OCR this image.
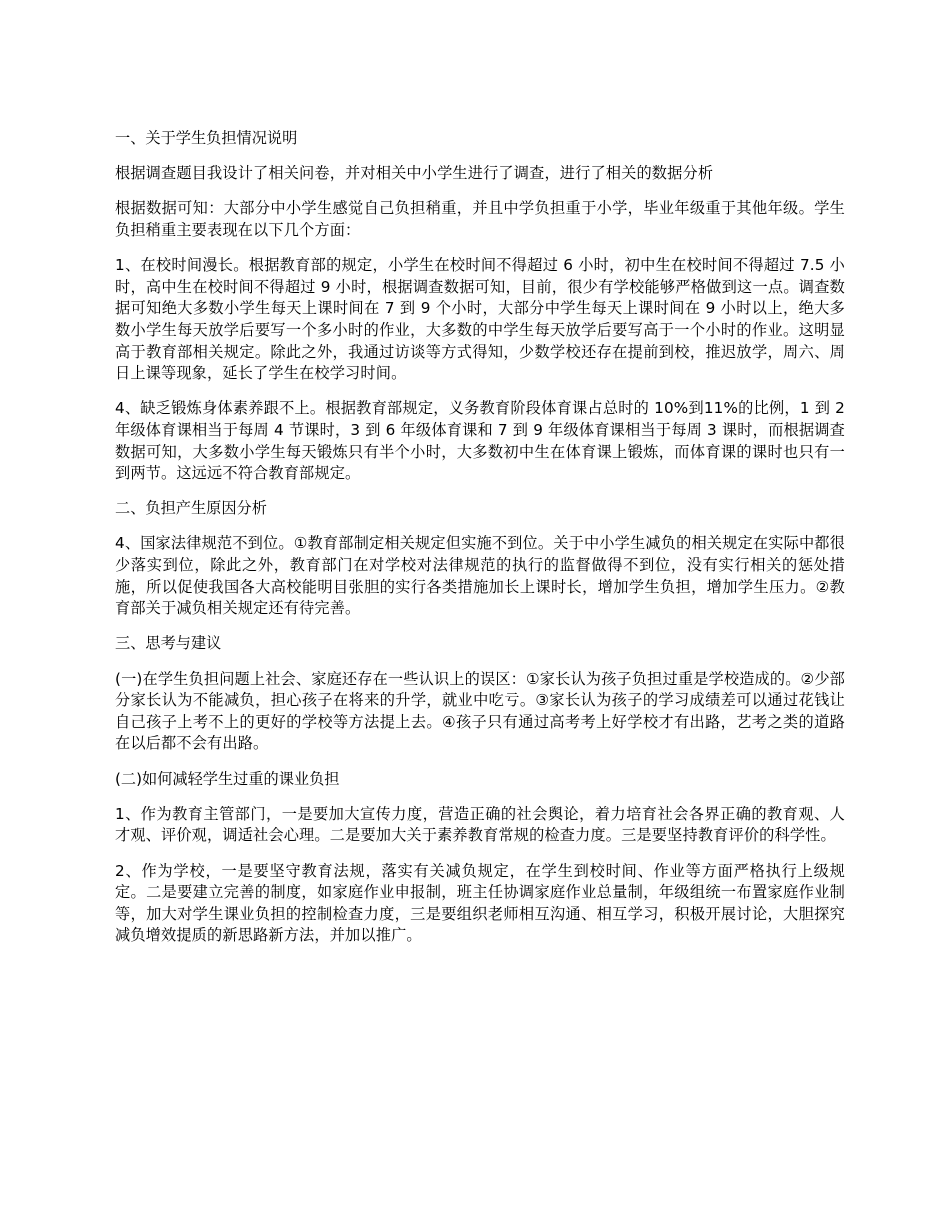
一、关于学生负担情况说明

根据调查题目我设计了相关问卷，并对相关中小学生进行了调查，进行了相关的数据分析

根据数据可知：大部分中小学生感觉自己负担稍重，并且中学负担重于小学，毕业年级重于其他年级。学生负担稍重主要表现在以下几个方面：

1、在校时间漫长。根据教育部的规定，小学生在校时间不得超过 6 小时，初中生在校时间不得超过 7.5 小时，高中生在校时间不得超过 9 小时，根据调查数据可知，目前，很少有学校能够严格做到这一点。调查数据可知绝大多数小学生每天上课时间在 7 到 9 个小时，大部分中学生每天上课时间在 9 小时以上，绝大多数小学生每天放学后要写一个多小时的作业，大多数的中学生每天放学后要写高于一个小时的作业。这明显高于教育部相关规定。除此之外，我通过访谈等方式得知，少数学校还存在提前到校，推迟放学，周六、周日上课等现象，延长了学生在校学习时间。

4、缺乏锻炼身体素养跟不上。根据教育部规定，义务教育阶段体育课占总时的 10%到11%的比例，1 到 2 年级体育课相当于每周 4 节课时，3 到 6 年级体育课和 7 到 9 年级体育课相当于每周 3 课时，而根据调查数据可知，大多数小学生每天锻炼只有半个小时，大多数初中生在体育课上锻炼，而体育课的课时也只有一到两节。这远远不符合教育部规定。

二、负担产生原因分析

4、国家法律规范不到位。①教育部制定相关规定但实施不到位。关于中小学生减负的相关规定在实际中都很少落实到位，除此之外，教育部门在对学校对法律规范的执行的监督做得不到位，没有实行相关的惩处措施，所以促使我国各大高校能明目张胆的实行各类措施加长上课时长，增加学生负担，增加学生压力。②教育部关于减负相关规定还有待完善。

三、思考与建议

(一)在学生负担问题上社会、家庭还存在一些认识上的误区：①家长认为孩子负担过重是学校造成的。②少部分家长认为不能减负，担心孩子在将来的升学，就业中吃亏。③家长认为孩子的学习成绩差可以通过花钱让自己孩子上考不上的更好的学校等方法提上去。④孩子只有通过高考考上好学校才有出路，艺考之类的道路在以后都不会有出路。

(二)如何减轻学生过重的课业负担

1、作为教育主管部门，一是要加大宣传力度，营造正确的社会舆论，着力培育社会各界正确的教育观、人才观、评价观，调适社会心理。二是要加大关于素养教育常规的检查力度。三是要坚持教育评价的科学性。

2、作为学校，一是要坚守教育法规，落实有关减负规定，在学生到校时间、作业等方面严格执行上级规定。二是要建立完善的制度，如家庭作业申报制，班主任协调家庭作业总量制，年级组统一布置家庭作业制等，加大对学生课业负担的控制检查力度，三是要组织老师相互沟通、相互学习，积极开展讨论，大胆探究减负增效提质的新思路新方法，并加以推广。
